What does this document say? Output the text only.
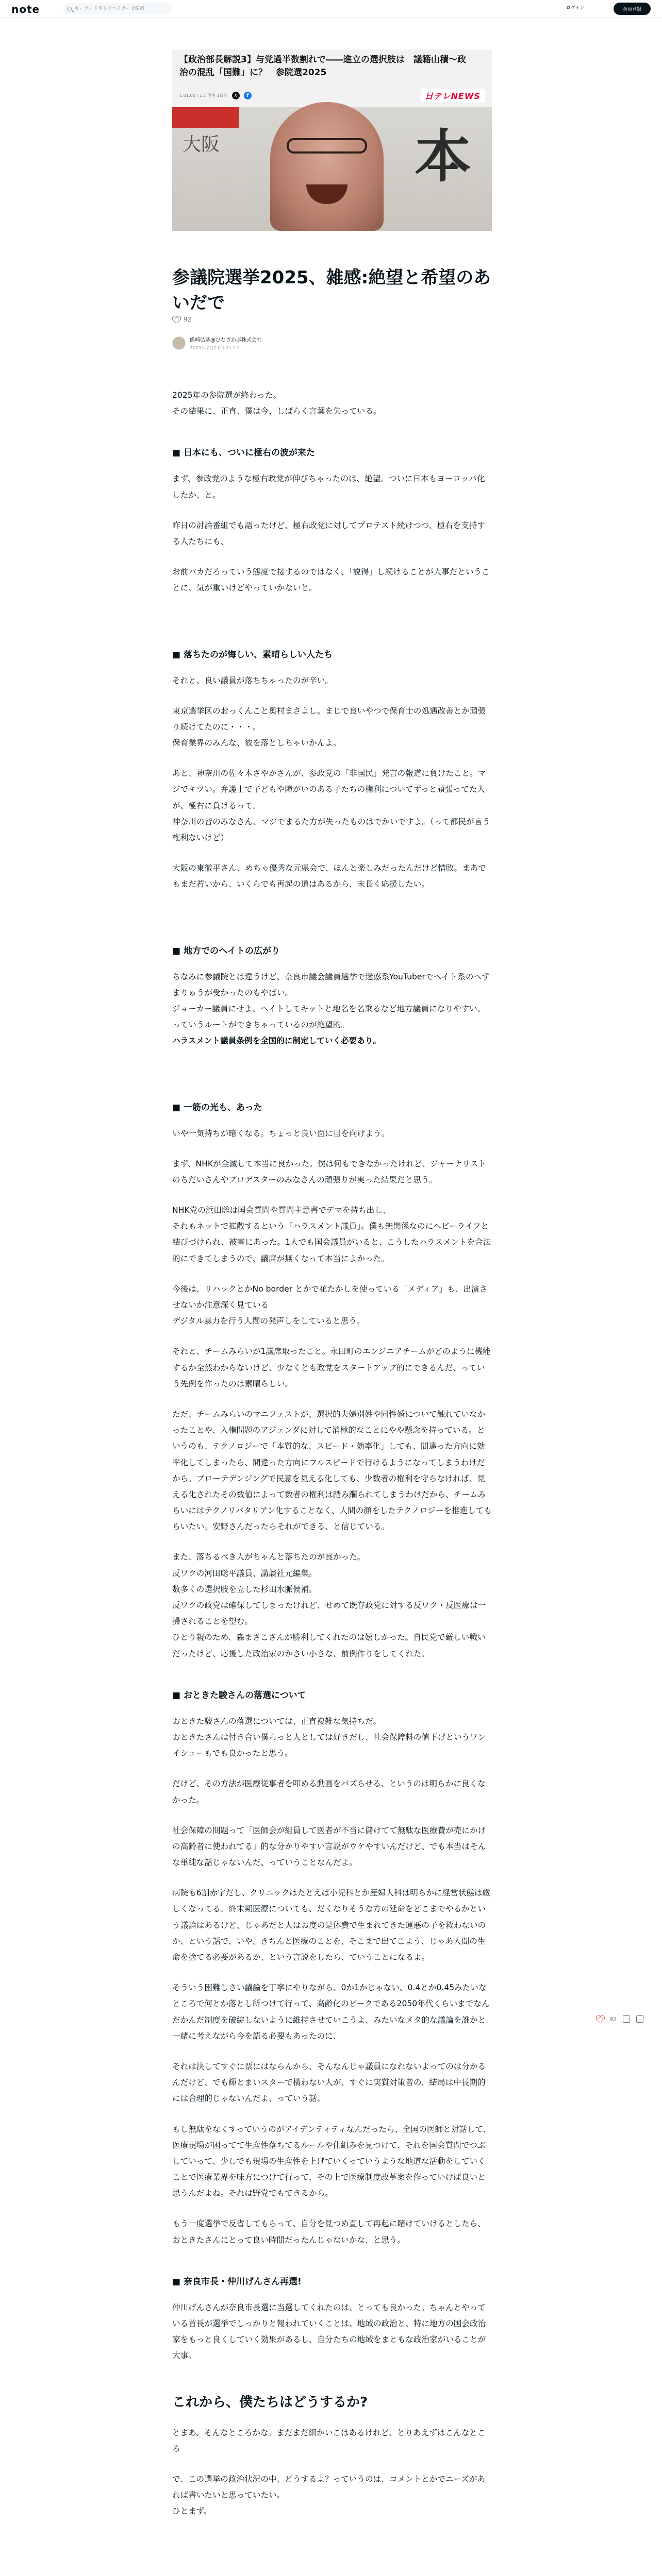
note
キーワードやクリエイターで検索	ログイン	会員登録
【政治部長解説3】与党過半数割れで――進立の選択肢は　議籍山積～政治の混乱「国難」に？　参院選2025
1:01:00 / 1:7 再生 1日前	X	f	日テレNEWS
大阪	本
参議院選挙2025、雑感:絶望と希望のあいだで
92
熊崎弘基@ひなざかぷ株式会社
2025年7月21日 11:17

2025年の参院選が終わった。
その結果に、正直、僕は今、しばらく言葉を失っている。

■ 日本にも、ついに極右の波が来た

まず、参政党のような極右政党が伸びちゃったのは、絶望。ついに日本もヨーロッパ化したか、と。

昨日の討論番組でも語ったけど、極右政党に対してプロテスト続けつつ、極右を支持する人たちにも、

お前バカだろっていう態度で接するのではなく、「説得」し続けることが大事だということに、気が重いけどやっていかないと。

■ 落ちたのが悔しい、素晴らしい人たち

それと、良い議員が落ちちゃったのが辛い。

東京選挙区のおっくんこと奥村まさよし。まじで良いやつで保育士の処遇改善とか頑張り続けてたのに・・・。
保育業界のみんな、彼を落としちゃいかんよ。

あと、神奈川の佐々木さやかさんが、参政党の「非国民」発言の報道に負けたこと。マジでキツい。弁護士で子どもや障がいのある子たちの権利についてずっと頑張ってた人が、極右に負けるって。
神奈川の皆のみなさん、マジでまるた方が失ったものはでかいですよ。（って都民が言う権利ないけど）

大阪の東徹平さん、めちゃ優秀な元県会で、ほんと楽しみだったんだけど惜敗。まあでもまだ若いから、いくらでも再起の道はあるから、末長く応援したい。

■ 地方でのヘイトの広がり

ちなみに参議院とは違うけど、奈良市議会議員選挙で迷惑系YouTuberでヘイト系のへずまりゅうが受かったのもやばい。
ジョーカー議員にせよ、ヘイトしてキットと地名を名乗るなど地方議員になりやすい、っていうルートができちゃっているのが絶望的。
ハラスメント議員条例を全国的に制定していく必要あり。

■ 一筋の光も、あった

いや一気持ちが暗くなる。ちょっと良い面に目を向けよう。

まず、NHKが全滅して本当に良かった。僕は何もできなかったけれど、ジャーナリストのちだいさんやプロデスターのみなさんの頑張りが実った結果だと思う。

NHK党の浜田聡は国会質問や質問主意書でデマを持ち出し、
それもネットで拡散するという「ハラスメント議員」。僕も無関係なのにヘビーライフと結びづけられ、被害にあった。1人でも国会議員がいると、こうしたハラスメントを合法的にできてしまうので、議席が無くなって本当によかった。

今後は、リハックとかNo border とかで花たかしを使っている「メディア」も、出演させないか注意深く見ている
デジタル暴力を行う人間の発声しをしていると思う。

それと、チームみらいが1議席取ったこと。永田町のエンジニアチームがどのように機能するか全然わからないけど、少なくとも政党をスタートアップ的にできるんだ、っていう先例を作ったのは素晴らしい。

ただ、チームみらいのマニフェストが、選択的夫婦別姓や同性婚について触れていなかったことや、入権問題のアジェンダに対して消極的なことにやや懸念を持っている。というのも、テクノロジーで「本質的な、スピード・効率化」しても、間違った方向に効率化してしまったら、間違った方向にフルスピードで行けるようになってしまうわけだから。ブローテデンジングで民意を見える化しても、少数者の権利を守らなければ、見える化されたその数値によって数者の権利は踏み躙られてしまうわけだから、チームみらいにはテクノリバタリアン化することなく、人間の顔をしたテクノロジーを推進してもらいたい。安野さんだったらそれができる、と信じている。

また、落ちるべき人がちゃんと落ちたのが良かった。
反ワクの河田聡平議員、講談社元編集。
数多くの選択肢を立した杉田水脈候補。
反ワクの政党は確保してしまったけれど、せめて既存政党に対する反ワク・反医療は一掃されることを望む。
ひとり親のため、森まさこさんが勝利してくれたのは嬉しかった。自民党で厳しい戦いだったけど、応援した政治家のかさい小さな、前例作りをしてくれた。

■ おときた駿さんの落選について

おときた駿さんの落選については、正直複雑な気持ちだ。
おときたさんは付き合い僕らっと人としては好きだし、社会保障料の値下げというワンイシューもでも良かったと思う。

だけど、その方法が医療従事者を叩める動画をバズらせる、というのは明らかに良くなかった。

社会保障の問題って「医師会が組員して医者が不当に儲けてて無駄な医療費が売にかけの高齢者に使われてる」的な分かりやすい言説がウケやすいんだけど、でも本当はそんな単純な話じゃないんだ、っていうことなんだよ。

病院も6割赤字だし、クリニックはたとえば小児科とか産婦人科は明らかに経営状態は厳しくなってる。終末期医療についても、だくなりそうな方の延命をどこまでやるかという議論はあるけど、じゃあだと人はお度の是体費で生まれてきた運悪の子を救わないのか、という話で、いや、きちんと医療のことを、そこまで出てこよう、じゃあ人間の生命を捨てる必要があるか、という言説をしたら、ていうことになるよ。

そういう困難しさい議論を丁寧にやりながら、0か1かじゃない、0.4とか0.45みたいなところで何とか落とし所つけて行って、高齢化のピークである2050年代くらいまでなんだかんだ制度を破綻しないように維持させていこうよ、みたいなメタ的な議論を誰かと一緒に考えながら今を語る必要もあったのに、

それは決してすぐに票にはならんから、そんなんじゃ議員になれないよってのは分かるんだけど、でも輝とまいスターで構わない人が、すぐに実質対策者の、結局は中長期的には合理的じゃないんだよ、っていう話。

もし無駄をなくすっていうのがアイデンティティなんだったら、全国の医師と対話して、医療現場が困ってて生産性落ちてるルールや仕組みを見つけて、それを国会質問でつぶしていって、少しでも現場の生産性を上げていくっていうような地道な活動をしていくことで医療業界を味方につけて行って、その上で医療制度改革案を作っていけば良いと思うんだよね。それは野党でもできるから。

もう一度選挙で反省してもらって、自分を見つめ直して再起に賭けていけるとしたら、おときたさんにとって良い時間だったんじゃないかな、と思う。

■ 奈良市長・仲川げんさん再選!

仲川げんさんが奈良市長選に当選してくれたのは、とっても良かった。ちゃんとやっている首長が選挙でしっかりと報われていくことは、地域の政治と、特に地方の国会政治家をもっと良くしていく効果があるし、自分たちの地域をまともな政治家がいることが大事。

これから、僕たちはどうするか?

とまあ、そんなところかな。まだまだ細かいこはあるけれど、とりあえずはこんなところ

で、この選挙の政治状況の中、どうするよ？っていうのは、コメントとかでニーズがあれば書いたいと思っていたい。
ひとまず。

92
